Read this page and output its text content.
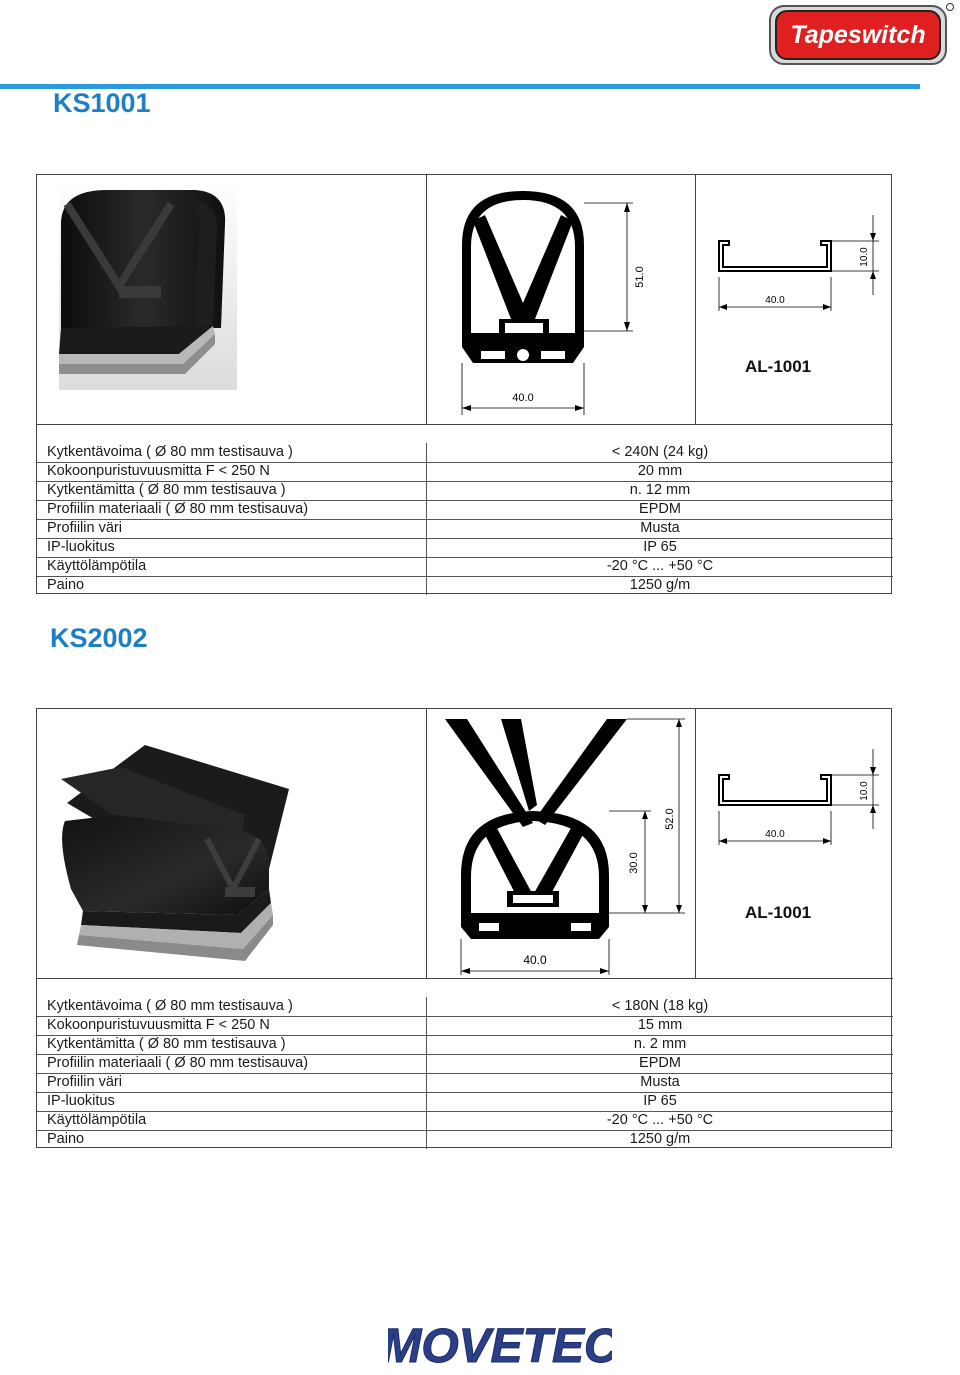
Tapeswitch
KS1001
51.0
40.0
40.0
10.0
AL-1001
Kytkentävoima ( Ø 80 mm testisauva )	< 240N (24 kg)
Kokoonpuristuvuusmitta F < 250 N	20 mm
Kytkentämitta ( Ø 80 mm testisauva )	n. 12 mm
Profiilin materiaali ( Ø 80 mm testisauva)	EPDM
Profiilin väri	Musta
IP-luokitus	IP 65
Käyttölämpötila	-20 °C ... +50 °C
Paino	1250 g/m
KS2002
30.0
52.0
40.0
40.0
10.0
AL-1001
Kytkentävoima ( Ø 80 mm testisauva )	< 180N (18 kg)
Kokoonpuristuvuusmitta F < 250 N	15 mm
Kytkentämitta ( Ø 80 mm testisauva )	n. 2 mm
Profiilin materiaali ( Ø 80 mm testisauva)	EPDM
Profiilin väri	Musta
IP-luokitus	IP 65
Käyttölämpötila	-20 °C ... +50 °C
Paino	1250 g/m
MOVETEC
